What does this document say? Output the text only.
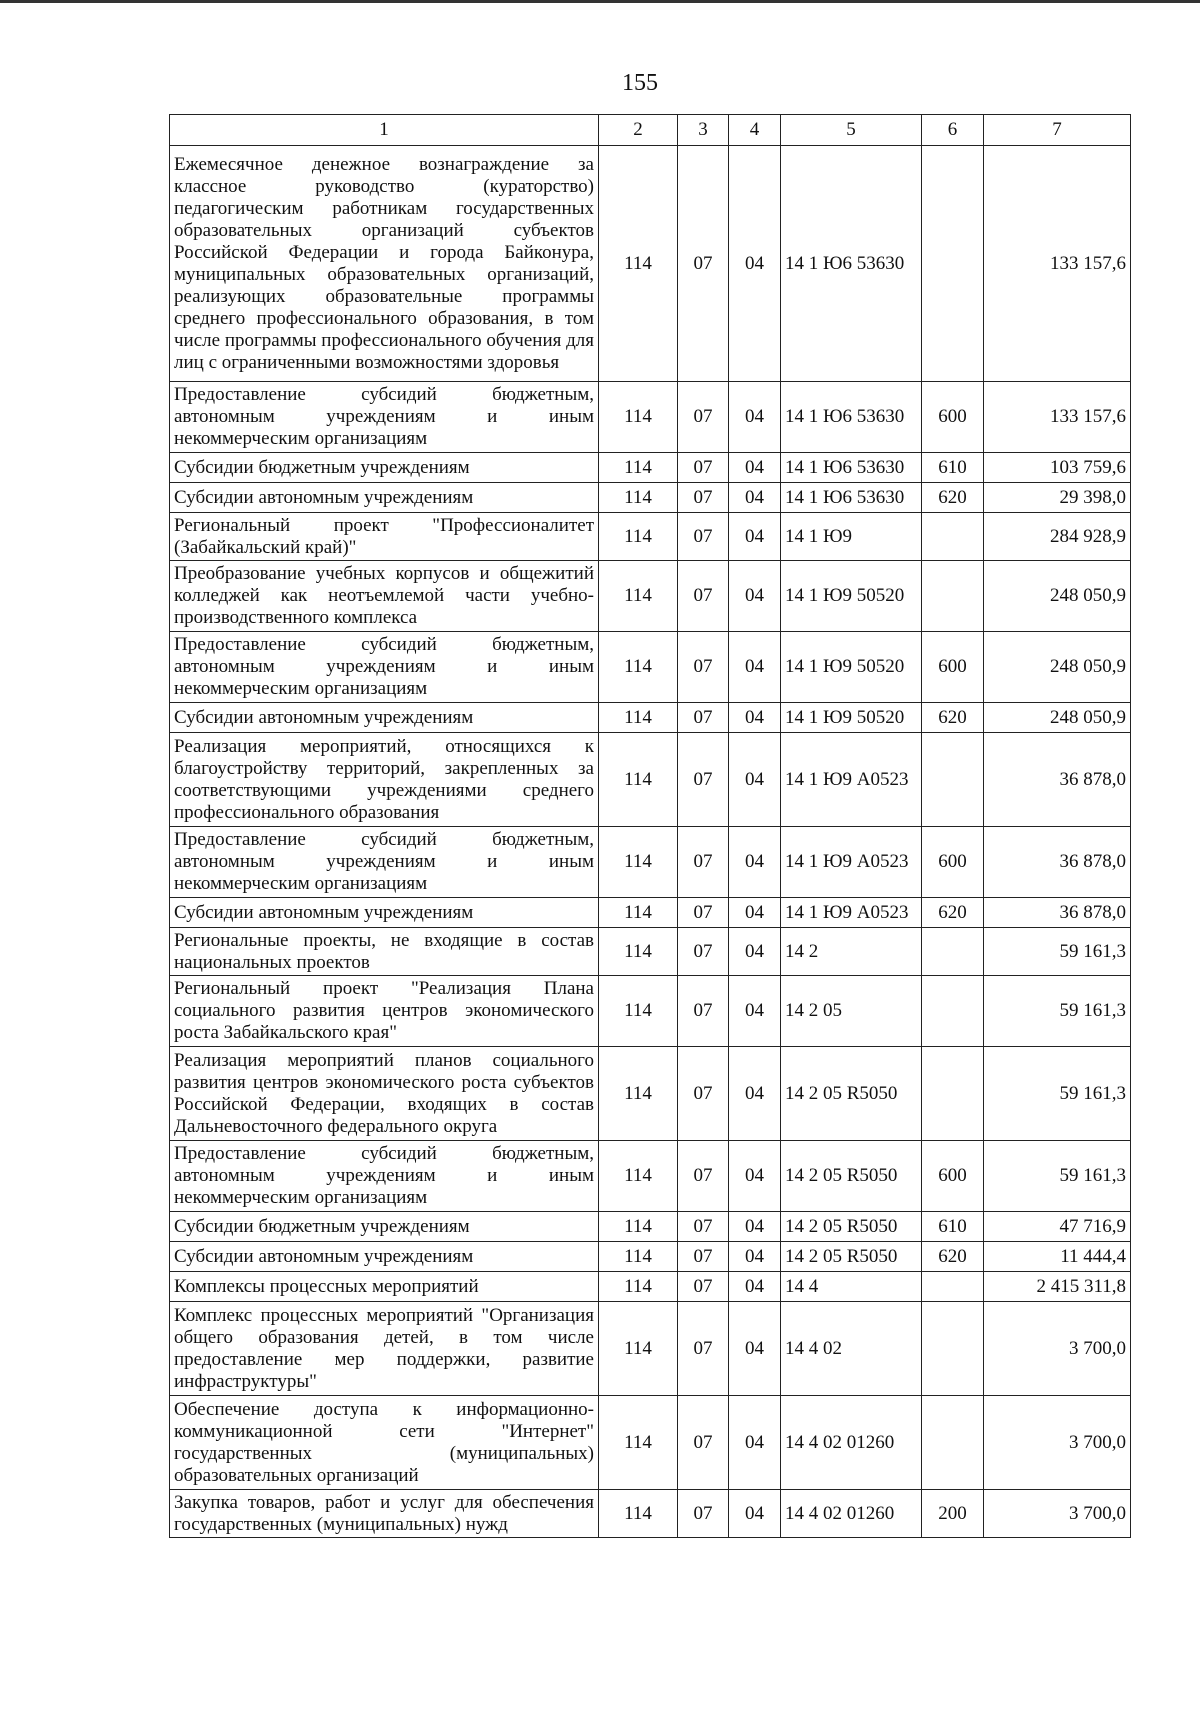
155
1	2	3	4	5	6	7
Ежемесячное денежное вознаграждение за классное руководство (кураторство) педагогическим работникам государственных образовательных организаций субъектов Российской Федерации и города Байконура, муниципальных образовательных организаций, реализующих образовательные программы среднего профессионального образования, в том числе программы профессионального обучения для лиц с ограниченными возможностями здоровья	114	07	04	14 1 Ю6 53630		133 157,6
Предоставление субсидий бюджетным, автономным учреждениям и иным некоммерческим организациям	114	07	04	14 1 Ю6 53630	600	133 157,6
Субсидии бюджетным учреждениям	114	07	04	14 1 Ю6 53630	610	103 759,6
Субсидии автономным учреждениям	114	07	04	14 1 Ю6 53630	620	29 398,0
Региональный проект "Профессионалитет (Забайкальский край)"	114	07	04	14 1 Ю9		284 928,9
Преобразование учебных корпусов и общежитий колледжей как неотъемлемой части учебно-производственного комплекса	114	07	04	14 1 Ю9 50520		248 050,9
Предоставление субсидий бюджетным, автономным учреждениям и иным некоммерческим организациям	114	07	04	14 1 Ю9 50520	600	248 050,9
Субсидии автономным учреждениям	114	07	04	14 1 Ю9 50520	620	248 050,9
Реализация мероприятий, относящихся к благоустройству территорий, закрепленных за соответствующими учреждениями среднего профессионального образования	114	07	04	14 1 Ю9 А0523		36 878,0
Предоставление субсидий бюджетным, автономным учреждениям и иным некоммерческим организациям	114	07	04	14 1 Ю9 А0523	600	36 878,0
Субсидии автономным учреждениям	114	07	04	14 1 Ю9 А0523	620	36 878,0
Региональные проекты, не входящие в состав национальных проектов	114	07	04	14 2		59 161,3
Региональный проект "Реализация Плана социального развития центров экономического роста Забайкальского края"	114	07	04	14 2 05		59 161,3
Реализация мероприятий планов социального развития центров экономического роста субъектов Российской Федерации, входящих в состав Дальневосточного федерального округа	114	07	04	14 2 05 R5050		59 161,3
Предоставление субсидий бюджетным, автономным учреждениям и иным некоммерческим организациям	114	07	04	14 2 05 R5050	600	59 161,3
Субсидии бюджетным учреждениям	114	07	04	14 2 05 R5050	610	47 716,9
Субсидии автономным учреждениям	114	07	04	14 2 05 R5050	620	11 444,4
Комплексы процессных мероприятий	114	07	04	14 4		2 415 311,8
Комплекс процессных мероприятий "Организация общего образования детей, в том числе предоставление мер поддержки, развитие инфраструктуры"	114	07	04	14 4 02		3 700,0
Обеспечение доступа к информационно-коммуникационной сети "Интернет" государственных (муниципальных) образовательных организаций	114	07	04	14 4 02 01260		3 700,0
Закупка товаров, работ и услуг для обеспечения государственных (муниципальных) нужд	114	07	04	14 4 02 01260	200	3 700,0
